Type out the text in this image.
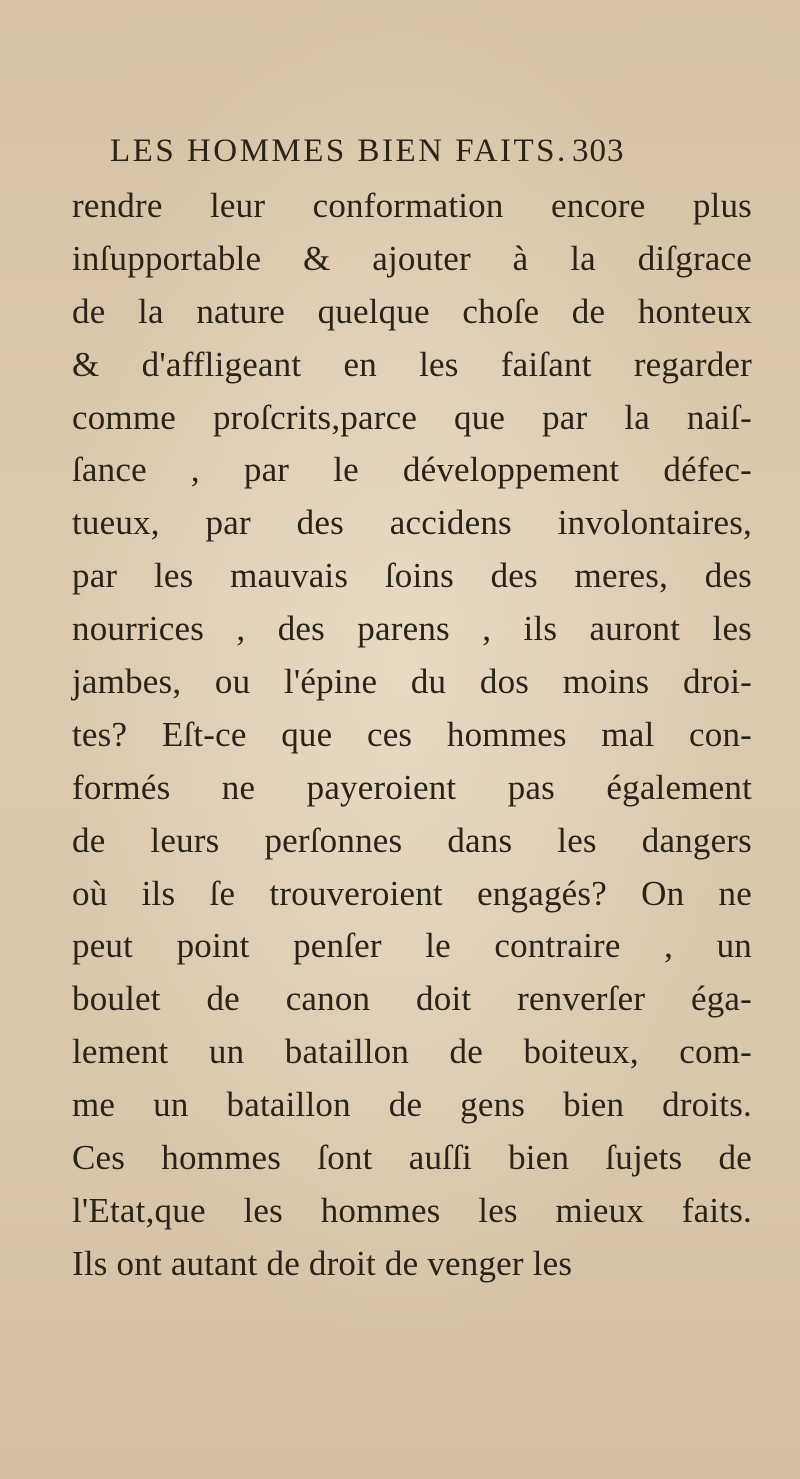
LES HOMMES BIEN FAITS. 303
rendre leur conformation encore plus
inſupportable & ajouter à la diſgrace
de la nature quelque choſe de honteux
& d'affligeant en les faiſant regarder
comme proſcrits,parce que par la naiſ-
ſance , par le développement défec-
tueux, par des accidens involontaires,
par les mauvais ſoins des meres, des
nourrices , des parens , ils auront les
jambes, ou l'épine du dos moins droi-
tes? Eſt-ce que ces hommes mal con-
formés ne payeroient pas également
de leurs perſonnes dans les dangers
où ils ſe trouveroient engagés? On ne
peut point penſer le contraire , un
boulet de canon doit renverſer éga-
lement un bataillon de boiteux, com-
me un bataillon de gens bien droits.
Ces hommes ſont auſſi bien ſujets de
l'Etat,que les hommes les mieux faits.
Ils ont autant de droit de venger les
